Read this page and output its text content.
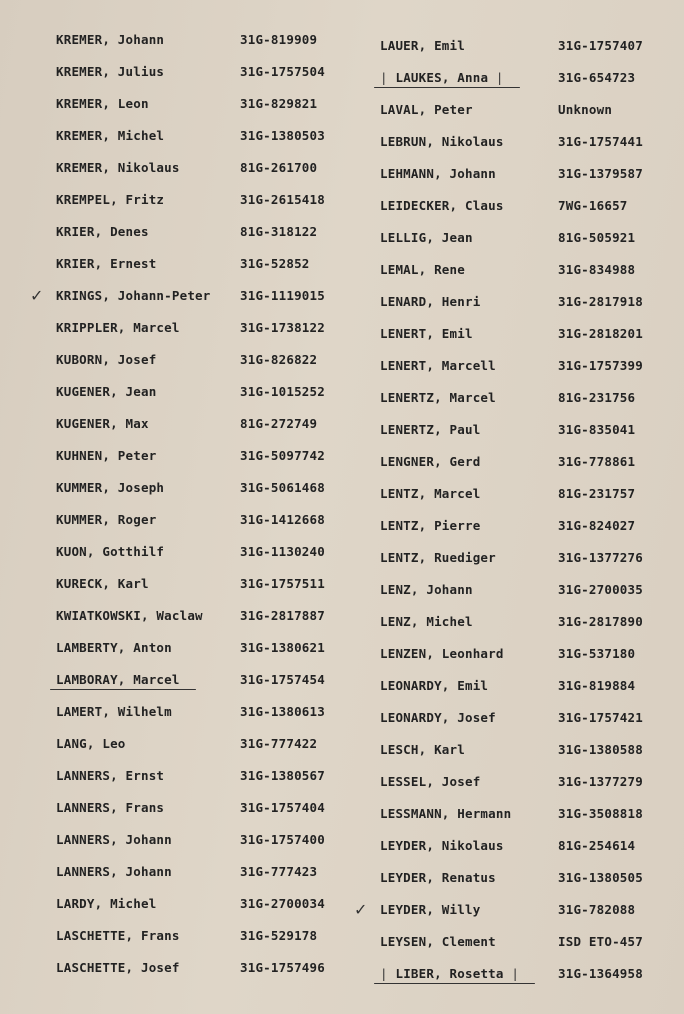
KREMER, Johann	31G-819909
KREMER, Julius	31G-1757504
KREMER, Leon	31G-829821
KREMER, Michel	31G-1380503
KREMER, Nikolaus	81G-261700
KREMPEL, Fritz	31G-2615418
KRIER, Denes	81G-318122
KRIER, Ernest	31G-52852
✓ KRINGS, Johann-Peter 31G-1119015
KRIPPLER, Marcel	31G-1738122
KUBORN, Josef	31G-826822
KUGENER, Jean	31G-1015252
KUGENER, Max	81G-272749
KUHNEN, Peter	31G-5097742
KUMMER, Joseph	31G-5061468
KUMMER, Roger	31G-1412668
KUON, Gotthilf	31G-1130240
KURECK, Karl	31G-1757511
KWIATKOWSKI, Waclaw	31G-2817887
LAMBERTY, Anton	31G-1380621
LAMBORAY, Marcel	31G-1757454
LAMERT, Wilhelm	31G-1380613
LANG, Leo	31G-777422
LANNERS, Ernst	31G-1380567
LANNERS, Frans	31G-1757404
LANNERS, Johann	31G-1757400
LANNERS, Johann	31G-777423
LARDY, Michel	31G-2700034
LASCHETTE, Frans	31G-529178
LASCHETTE, Josef	31G-1757496
LAUER, Emil	31G-1757407
| LAUKES, Anna |	31G-654723
LAVAL, Peter	Unknown
LEBRUN, Nikolaus	31G-1757441
LEHMANN, Johann	31G-1379587
LEIDECKER, Claus	7WG-16657
LELLIG, Jean	81G-505921
LEMAL, Rene	31G-834988
LENARD, Henri	31G-2817918
LENERT, Emil	31G-2818201
LENERT, Marcell	31G-1757399
LENERTZ, Marcel	81G-231756
LENERTZ, Paul	31G-835041
LENGNER, Gerd	31G-778861
LENTZ, Marcel	81G-231757
LENTZ, Pierre	31G-824027
LENTZ, Ruediger	31G-1377276
LENZ, Johann	31G-2700035
LENZ, Michel	31G-2817890
LENZEN, Leonhard	31G-537180
LEONARDY, Emil	31G-819884
LEONARDY, Josef	31G-1757421
LESCH, Karl	31G-1380588
LESSEL, Josef	31G-1377279
LESSMANN, Hermann	31G-3508818
LEYDER, Nikolaus	81G-254614
LEYDER, Renatus	31G-1380505
✓ LEYDER, Willy	31G-782088
LEYSEN, Clement	ISD ETO-457
| LIBER, Rosetta |	31G-1364958
